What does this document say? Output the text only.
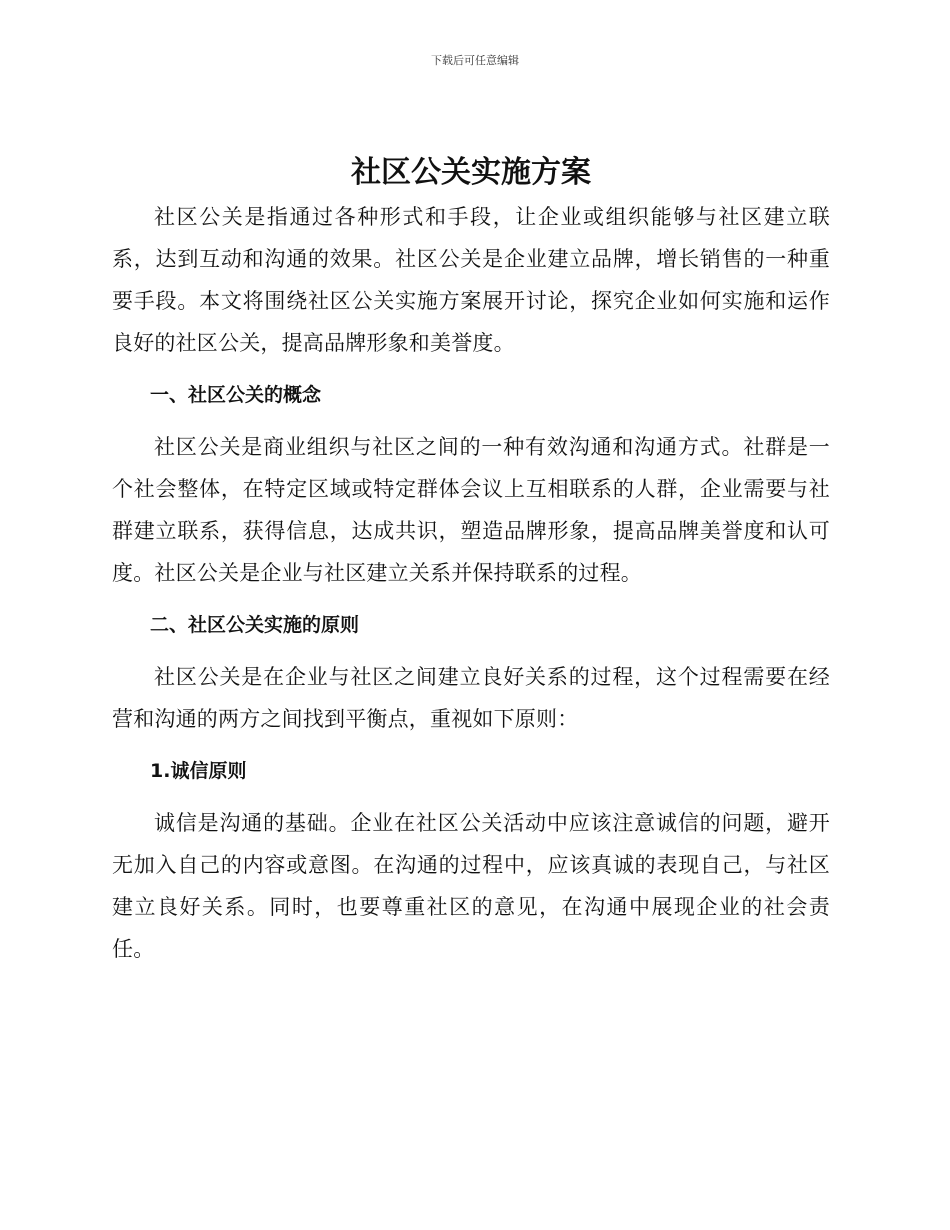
下载后可任意编辑
社区公关实施方案

社区公关是指通过各种形式和手段，让企业或组织能够与社区建立联系，达到互动和沟通的效果。社区公关是企业建立品牌，增长销售的一种重要手段。本文将围绕社区公关实施方案展开讨论，探究企业如何实施和运作良好的社区公关，提高品牌形象和美誉度。

一、社区公关的概念

社区公关是商业组织与社区之间的一种有效沟通和沟通方式。社群是一个社会整体，在特定区域或特定群体会议上互相联系的人群，企业需要与社群建立联系，获得信息，达成共识，塑造品牌形象，提高品牌美誉度和认可度。社区公关是企业与社区建立关系并保持联系的过程。

二、社区公关实施的原则

社区公关是在企业与社区之间建立良好关系的过程，这个过程需要在经营和沟通的两方之间找到平衡点，重视如下原则：

1.诚信原则

诚信是沟通的基础。企业在社区公关活动中应该注意诚信的问题，避开无加入自己的内容或意图。在沟通的过程中，应该真诚的表现自己，与社区建立良好关系。同时，也要尊重社区的意见，在沟通中展现企业的社会责任。
